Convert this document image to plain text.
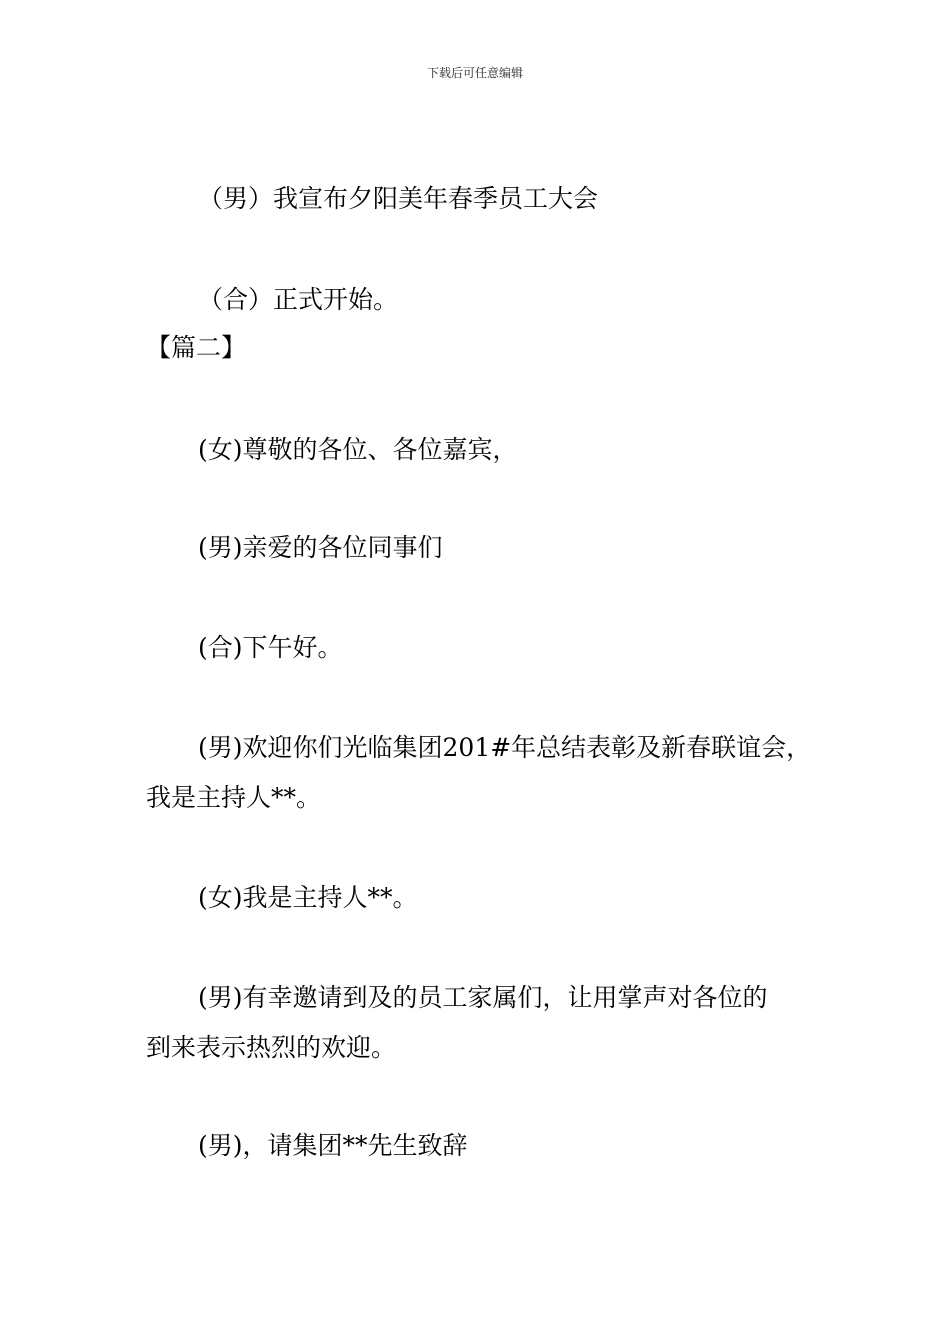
下载后可任意编辑
（男）我宣布夕阳美年春季员工大会
（合）正式开始。
【篇二】
(女)尊敬的各位、各位嘉宾，
(男)亲爱的各位同事们
(合)下午好。
(男)欢迎你们光临集团201#年总结表彰及新春联谊会，
我是主持人**。
(女)我是主持人**。
(男)有幸邀请到及的员工家属们，让用掌声对各位的
到来表示热烈的欢迎。
(男)，请集团**先生致辞
